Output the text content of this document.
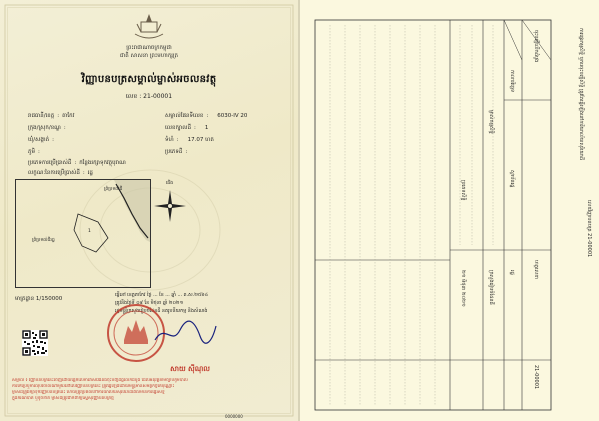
ព្រះរាជាណាចក្រកម្ពុជា
ជាតិ សាសនា ព្រះមហាក្សត្រ
វិញ្ញាបនបត្រសម្គាល់ម្ចាស់អចលនវត្ថុ
លេខ : 21-00001
រាជធានី/ខេត្ត : តាកែវ
ក្រុង/ស្រុក/ខណ្ឌ :
ឃុំ/សង្កាត់ :
ភូមិ :
សម្គាល់ផែនទីលេខ : 6030-IV 20
លេខក្បាលដី : 1
ទំហំ : 17.07 ហត
ប្រភេទដី :
ប្រភេទការប្រើប្រាស់ដី : កន្លែងរក្សាទុកវត្ថុបុរាណ
លក្ខណៈនៃការប្រើប្រាស់ដី : រដ្ឋ
ព្រំប្រទល់ដី
ព្រំប្រទល់ដីរដ្ឋ
1
ជើង
មាត្រដ្ឋាន 1/150000
ធ្វើនៅ ខេត្តតាកែវ ថ្ងៃ ... ខែ ... ឆ្នាំ ... ព.ស.២៥៦៤
ត្រូវនឹងថ្ងៃទី ០៩ ខែ មិថុនា ឆ្នាំ ២០២១
រដ្ឋមន្ត្រីក្រសួងរៀបចំដែនដី នគរូបនីយកម្ម និងសំណង់
សាយ ស៊ីណុល
សម្គាល់ ៖ វិញ្ញាបនបត្រនេះចេញដោយផ្អែកលើការវាស់វែងនិងចុះបញ្ជីដីធ្លីលើកដំបូង ដែលអនុវត្តតាមច្បាប់ភូមិបាល
ការកែប្រែឬការលុបចោលណាមួយនៅលើវិញ្ញាបនបត្រនេះ ត្រូវធ្វើឡើងដោយមន្ត្រីមានសមត្ថកិច្ចតែប៉ុណ្ណោះ
ម្ចាស់ដីត្រូវរក្សាទុកវិញ្ញាបនបត្រនេះ ហើយត្រូវប្រគល់ទៅការិយាល័យសុរិយោដីពេលមានការផ្ទេរសិទ្ធិ
ក្នុងករណីបាត់ ឬខូចខាត ម្ចាស់ដីត្រូវដាក់ពាក្យស្នើសុំវិញ្ញាបនបត្រថ្មី
0000000
ការផ្ទេរកម្មសិទ្ធិ ឬការចុះបញ្ជីសិទ្ធិ ត្រូវតែធ្វើឡើងនៅការិយាល័យសុរិយោដី
លេខវិញ្ញាបនបត្រ 21-00001
ចុះបញ្ជីលើកដំបូង
កាលបរិច្ឆេទ
ម្ចាស់កម្មសិទ្ធិ
ប្រភេទសិទ្ធិ
ហត្ថលេខា
ស្ថាប័នរដ្ឋ
រដ្ឋ
ក្រសួងរៀបចំដែនដី
២១ មិថុនា ២០២១
21-00001
